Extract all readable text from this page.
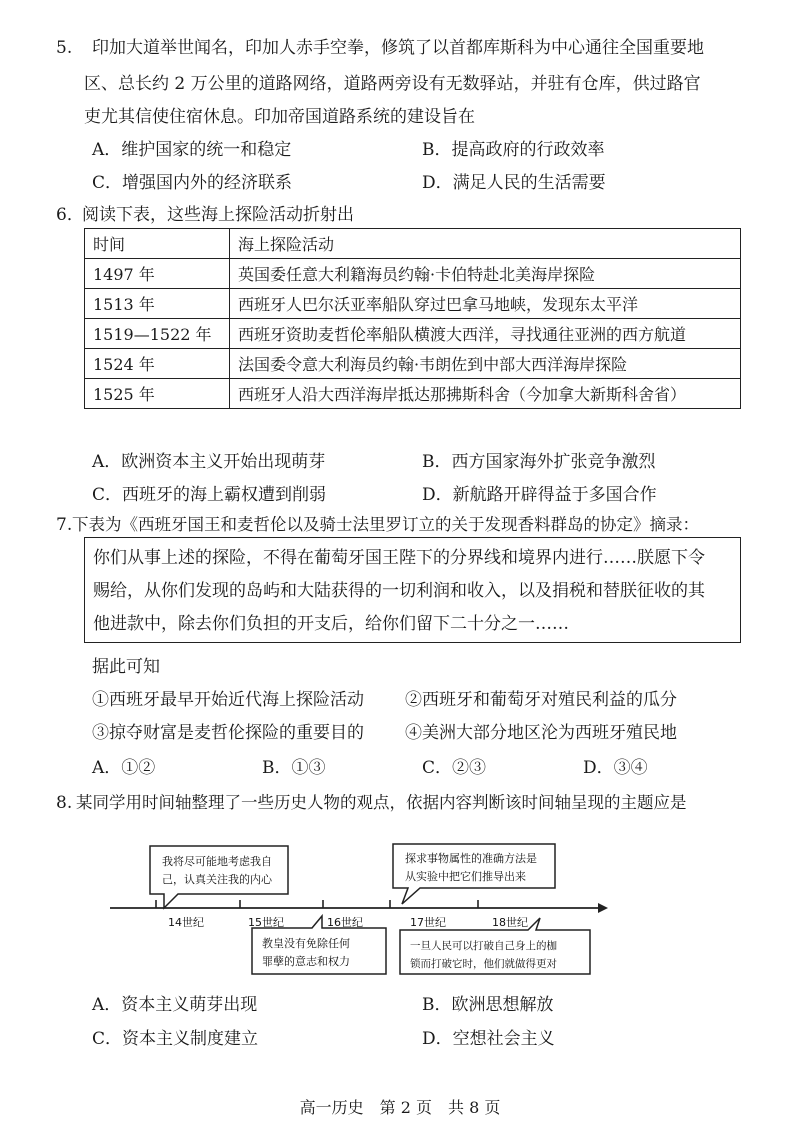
5. 印加大道举世闻名，印加人赤手空拳，修筑了以首都库斯科为中心通往全国重要地
区、总长约 2 万公里的道路网络，道路两旁设有无数驿站，并驻有仓库，供过路官
吏尤其信使住宿休息。印加帝国道路系统的建设旨在
A．维护国家的统一和稳定	B．提高政府的行政效率
C．增强国内外的经济联系	D．满足人民的生活需要
6．
阅读下表，这些海上探险活动折射出
时间	海上探险活动
1497 年	英国委任意大利籍海员约翰·卡伯特赴北美海岸探险
1513 年	西班牙人巴尔沃亚率船队穿过巴拿马地峡，发现东太平洋
1519—1522 年	西班牙资助麦哲伦率船队横渡大西洋，寻找通往亚洲的西方航道
1524 年	法国委令意大利海员约翰·韦朗佐到中部大西洋海岸探险
1525 年	西班牙人沿大西洋海岸抵达那拂斯科舍（今加拿大新斯科舍省）
A．欧洲资本主义开始出现萌芽	B．西方国家海外扩张竞争激烈
C．西班牙的海上霸权遭到削弱	D．新航路开辟得益于多国合作
7. 下表为《西班牙国王和麦哲伦以及骑士法里罗订立的关于发现香料群岛的协定》摘录：
你们从事上述的探险，不得在葡萄牙国王陛下的分界线和境界内进行……朕愿下令
赐给，从你们发现的岛屿和大陆获得的一切利润和收入，以及捐税和替朕征收的其
他进款中，除去你们负担的开支后，给你们留下二十分之一……
据此可知
①西班牙最早开始近代海上探险活动 ②西班牙和葡萄牙对殖民利益的瓜分
③掠夺财富是麦哲伦探险的重要目的 ④美洲大部分地区沦为西班牙殖民地
A．①②	B．①③	C．②③	D．③④
8. 某同学用时间轴整理了一些历史人物的观点，依据内容判断该时间轴呈现的主题应是
我将尽可能地考虑我自
己，认真关注我的内心
探求事物属性的准确方法是
从实验中把它们推导出来
14世纪	15世纪	16世纪	17世纪	18世纪
教皇没有免除任何
罪孽的意志和权力
一旦人民可以打破自己身上的枷
锁而打破它时，他们就做得更对
A．资本主义萌芽出现	B．欧洲思想解放
C．资本主义制度建立	D．空想社会主义
高一历史　第 2 页　共 8 页
